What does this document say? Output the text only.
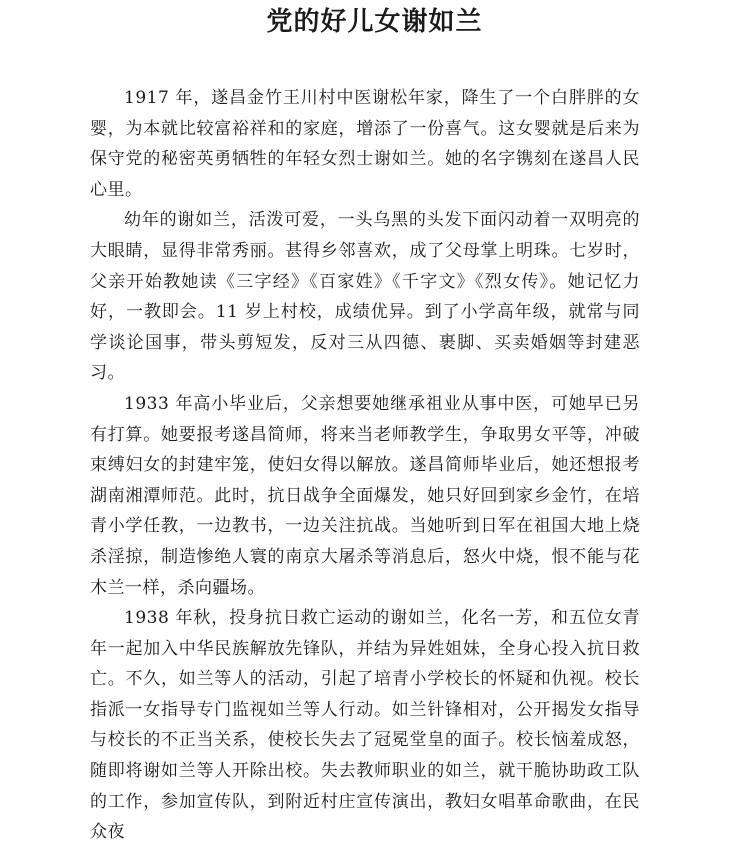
党的好儿女谢如兰

1917 年，遂昌金竹王川村中医谢松年家，降生了一个白胖胖的女婴，为本就比较富裕祥和的家庭，增添了一份喜气。这女婴就是后来为保守党的秘密英勇牺牲的年轻女烈士谢如兰。她的名字镌刻在遂昌人民心里。

幼年的谢如兰，活泼可爱，一头乌黑的头发下面闪动着一双明亮的大眼睛，显得非常秀丽。甚得乡邻喜欢，成了父母掌上明珠。七岁时，父亲开始教她读《三字经》《百家姓》《千字文》《烈女传》。她记忆力好，一教即会。11 岁上村校，成绩优异。到了小学高年级，就常与同学谈论国事，带头剪短发，反对三从四德、裹脚、买卖婚姻等封建恶习。

1933 年高小毕业后，父亲想要她继承祖业从事中医，可她早已另有打算。她要报考遂昌简师，将来当老师教学生，争取男女平等，冲破束缚妇女的封建牢笼，使妇女得以解放。遂昌简师毕业后，她还想报考湖南湘潭师范。此时，抗日战争全面爆发，她只好回到家乡金竹，在培青小学任教，一边教书，一边关注抗战。当她听到日军在祖国大地上烧杀淫掠，制造惨绝人寰的南京大屠杀等消息后，怒火中烧，恨不能与花木兰一样，杀向疆场。

1938 年秋，投身抗日救亡运动的谢如兰，化名一芳，和五位女青年一起加入中华民族解放先锋队，并结为异姓姐妹，全身心投入抗日救亡。不久，如兰等人的活动，引起了培青小学校长的怀疑和仇视。校长指派一女指导专门监视如兰等人行动。如兰针锋相对，公开揭发女指导与校长的不正当关系，使校长失去了冠冕堂皇的面子。校长恼羞成怒，随即将谢如兰等人开除出校。失去教师职业的如兰，就干脆协助政工队的工作，参加宣传队，到附近村庄宣传演出，教妇女唱革命歌曲，在民众夜
